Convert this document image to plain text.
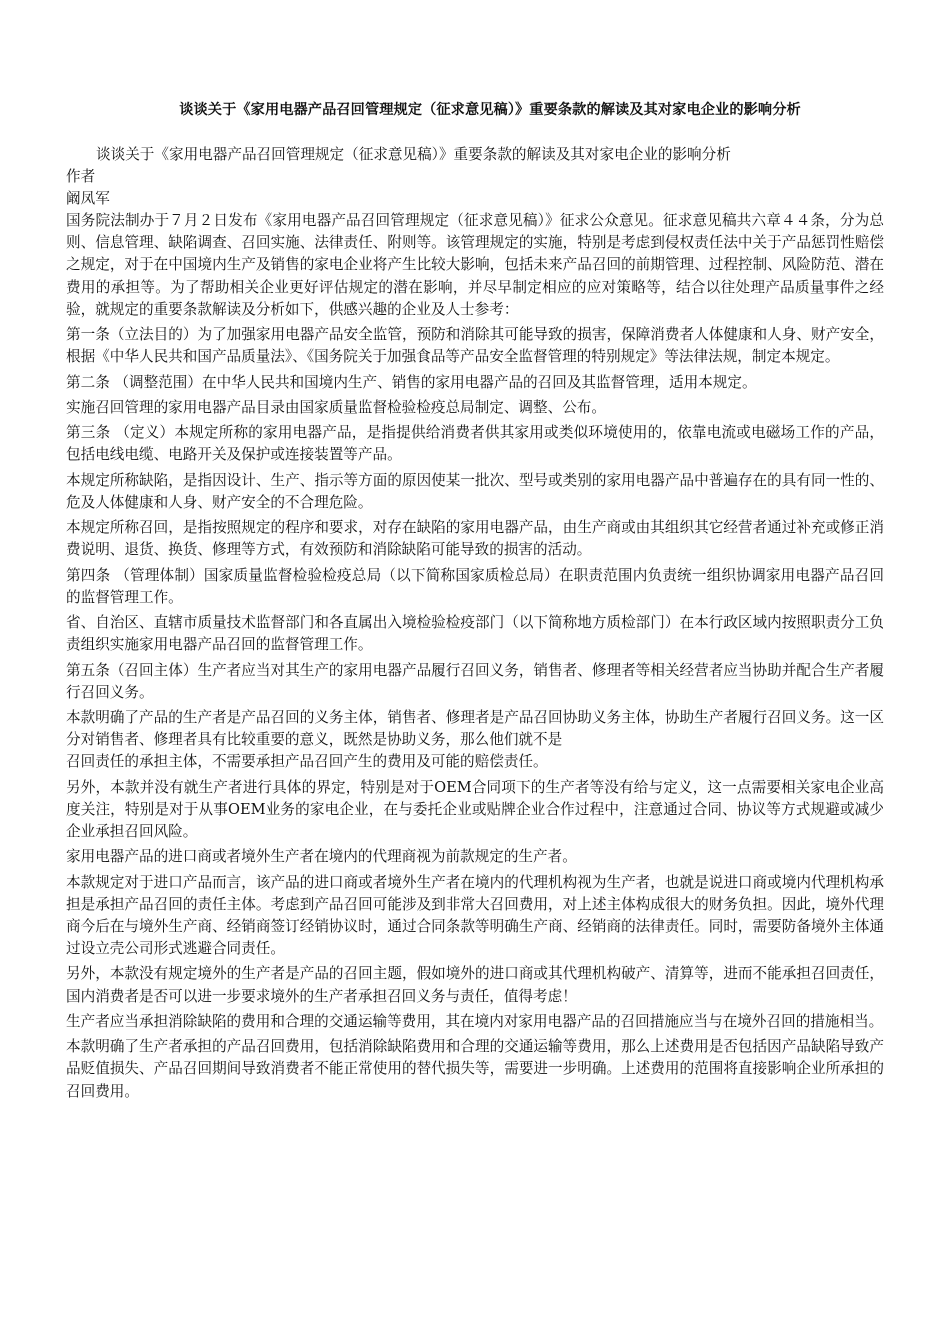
谈谈关于《家用电器产品召回管理规定（征求意见稿）》重要条款的解读及其对家电企业的影响分析

谈谈关于《家用电器产品召回管理规定（征求意见稿）》重要条款的解读及其对家电企业的影响分析

作者

阚凤军

国务院法制办于７月２日发布《家用电器产品召回管理规定（征求意见稿）》征求公众意见。征求意见稿共六章４４条，分为总则、信息管理、缺陷调查、召回实施、法律责任、附则等。该管理规定的实施，特别是考虑到侵权责任法中关于产品惩罚性赔偿之规定，对于在中国境内生产及销售的家电企业将产生比较大影响，包括未来产品召回的前期管理、过程控制、风险防范、潜在费用的承担等。为了帮助相关企业更好评估规定的潜在影响，并尽早制定相应的应对策略等，结合以往处理产品质量事件之经验，就规定的重要条款解读及分析如下，供感兴趣的企业及人士参考：

第一条（立法目的）为了加强家用电器产品安全监管，预防和消除其可能导致的损害，保障消费者人体健康和人身、财产安全，根据《中华人民共和国产品质量法》、《国务院关于加强食品等产品安全监督管理的特别规定》等法律法规，制定本规定。

第二条 （调整范围）在中华人民共和国境内生产、销售的家用电器产品的召回及其监督管理，适用本规定。

实施召回管理的家用电器产品目录由国家质量监督检验检疫总局制定、调整、公布。

第三条 （定义）本规定所称的家用电器产品，是指提供给消费者供其家用或类似环境使用的，依靠电流或电磁场工作的产品，包括电线电缆、电路开关及保护或连接装置等产品。

本规定所称缺陷，是指因设计、生产、指示等方面的原因使某一批次、型号或类别的家用电器产品中普遍存在的具有同一性的、危及人体健康和人身、财产安全的不合理危险。

本规定所称召回，是指按照规定的程序和要求，对存在缺陷的家用电器产品，由生产商或由其组织其它经营者通过补充或修正消费说明、退货、换货、修理等方式，有效预防和消除缺陷可能导致的损害的活动。

第四条 （管理体制）国家质量监督检验检疫总局（以下简称国家质检总局）在职责范围内负责统一组织协调家用电器产品召回的监督管理工作。

省、自治区、直辖市质量技术监督部门和各直属出入境检验检疫部门（以下简称地方质检部门）在本行政区域内按照职责分工负责组织实施家用电器产品召回的监督管理工作。

第五条（召回主体）生产者应当对其生产的家用电器产品履行召回义务，销售者、修理者等相关经营者应当协助并配合生产者履行召回义务。

本款明确了产品的生产者是产品召回的义务主体，销售者、修理者是产品召回协助义务主体，协助生产者履行召回义务。这一区分对销售者、修理者具有比较重要的意义，既然是协助义务，那么他们就不是

召回责任的承担主体，不需要承担产品召回产生的费用及可能的赔偿责任。

另外，本款并没有就生产者进行具体的界定，特别是对于OEM合同项下的生产者等没有给与定义，这一点需要相关家电企业高度关注，特别是对于从事OEM业务的家电企业，在与委托企业或贴牌企业合作过程中，注意通过合同、协议等方式规避或减少企业承担召回风险。

家用电器产品的进口商或者境外生产者在境内的代理商视为前款规定的生产者。

本款规定对于进口产品而言，该产品的进口商或者境外生产者在境内的代理机构视为生产者，也就是说进口商或境内代理机构承担是承担产品召回的责任主体。考虑到产品召回可能涉及到非常大召回费用，对上述主体构成很大的财务负担。因此，境外代理商今后在与境外生产商、经销商签订经销协议时，通过合同条款等明确生产商、经销商的法律责任。同时，需要防备境外主体通过设立壳公司形式逃避合同责任。

另外，本款没有规定境外的生产者是产品的召回主题，假如境外的进口商或其代理机构破产、清算等，进而不能承担召回责任，国内消费者是否可以进一步要求境外的生产者承担召回义务与责任，值得考虑！

生产者应当承担消除缺陷的费用和合理的交通运输等费用，其在境内对家用电器产品的召回措施应当与在境外召回的措施相当。

本款明确了生产者承担的产品召回费用，包括消除缺陷费用和合理的交通运输等费用，那么上述费用是否包括因产品缺陷导致产品贬值损失、产品召回期间导致消费者不能正常使用的替代损失等，需要进一步明确。上述费用的范围将直接影响企业所承担的召回费用。
